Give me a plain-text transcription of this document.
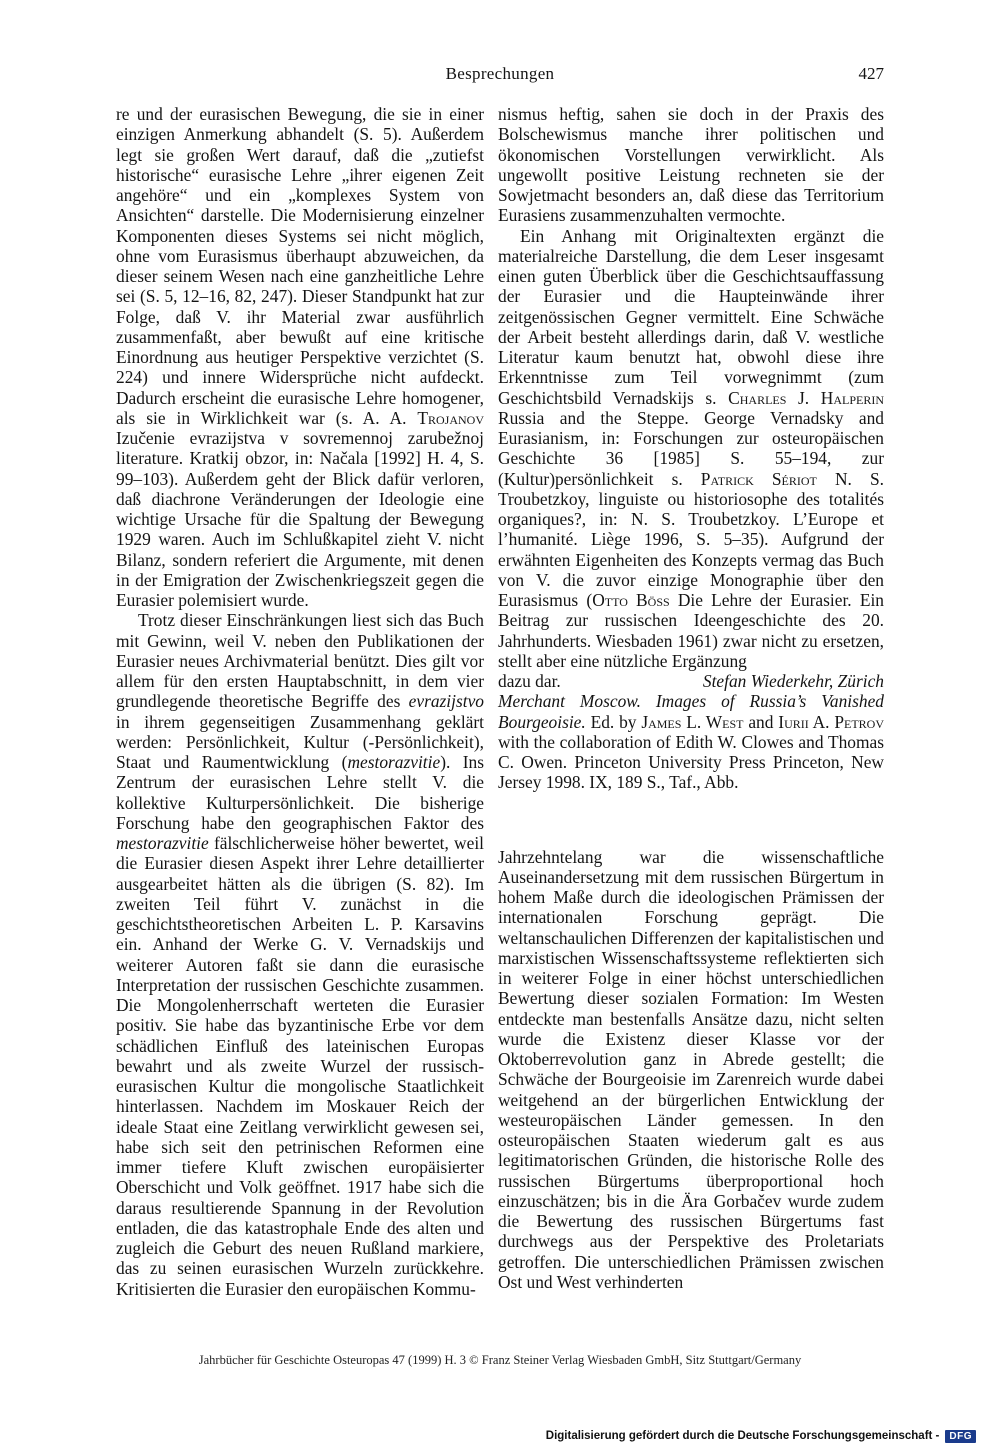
Besprechungen	427

re und der eurasischen Bewegung, die sie in einer einzigen Anmerkung abhandelt (S. 5). Außerdem legt sie großen Wert darauf, daß die „zutiefst historische“ eurasische Lehre „ihrer eigenen Zeit angehöre“ und ein „komplexes System von Ansichten“ darstelle. Die Modernisierung einzelner Komponenten dieses Systems sei nicht möglich, ohne vom Eurasismus überhaupt abzuweichen, da dieser seinem Wesen nach eine ganzheitliche Lehre sei (S. 5, 12–16, 82, 247). Dieser Standpunkt hat zur Folge, daß V. ihr Material zwar ausführlich zusammenfaßt, aber bewußt auf eine kritische Einordnung aus heutiger Perspektive verzichtet (S. 224) und innere Widersprüche nicht aufdeckt. Dadurch erscheint die eurasische Lehre homogener, als sie in Wirklichkeit war (s. A. A. Trojanov Izučenie evrazijstva v sovremennoj zarubežnoj literature. Kratkij obzor, in: Načala [1992] H. 4, S. 99–103). Außerdem geht der Blick dafür verloren, daß diachrone Veränderungen der Ideologie eine wichtige Ursache für die Spaltung der Bewegung 1929 waren. Auch im Schlußkapitel zieht V. nicht Bilanz, sondern referiert die Argumente, mit denen in der Emigration der Zwischenkriegszeit gegen die Eurasier polemisiert wurde.

Trotz dieser Einschränkungen liest sich das Buch mit Gewinn, weil V. neben den Publikationen der Eurasier neues Archivmaterial benützt. Dies gilt vor allem für den ersten Hauptabschnitt, in dem vier grundlegende theoretische Begriffe des evrazijstvo in ihrem gegenseitigen Zusammenhang geklärt werden: Persönlichkeit, Kultur (-Persönlichkeit), Staat und Raumentwicklung (mestorazvitie). Ins Zentrum der eurasischen Lehre stellt V. die kollektive Kulturpersönlichkeit. Die bisherige Forschung habe den geographischen Faktor des mestorazvitie fälschlicherweise höher bewertet, weil die Eurasier diesen Aspekt ihrer Lehre detaillierter ausgearbeitet hätten als die übrigen (S. 82). Im zweiten Teil führt V. zunächst in die geschichtstheoretischen Arbeiten L. P. Karsavins ein. Anhand der Werke G. V. Vernadskijs und weiterer Autoren faßt sie dann die eurasische Interpretation der russischen Geschichte zusammen. Die Mongolenherrschaft werteten die Eurasier positiv. Sie habe das byzantinische Erbe vor dem schädlichen Einfluß des lateinischen Europas bewahrt und als zweite Wurzel der russisch-eurasischen Kultur die mongolische Staatlichkeit hinterlassen. Nachdem im Moskauer Reich der ideale Staat eine Zeitlang verwirklicht gewesen sei, habe sich seit den petrinischen Reformen eine immer tiefere Kluft zwischen europäisierter Oberschicht und Volk geöffnet. 1917 habe sich die daraus resultierende Spannung in der Revolution entladen, die das katastrophale Ende des alten und zugleich die Geburt des neuen Rußland markiere, das zu seinen eurasischen Wurzeln zurückkehre. Kritisierten die Eurasier den europäischen Kommu-

nismus heftig, sahen sie doch in der Praxis des Bolschewismus manche ihrer politischen und ökonomischen Vorstellungen verwirklicht. Als ungewollt positive Leistung rechneten sie der Sowjetmacht besonders an, daß diese das Territorium Eurasiens zusammenzuhalten vermochte.

Ein Anhang mit Originaltexten ergänzt die materialreiche Darstellung, die dem Leser insgesamt einen guten Überblick über die Geschichtsauffassung der Eurasier und die Haupteinwände ihrer zeitgenössischen Gegner vermittelt. Eine Schwäche der Arbeit besteht allerdings darin, daß V. westliche Literatur kaum benutzt hat, obwohl diese ihre Erkenntnisse zum Teil vorwegnimmt (zum Geschichtsbild Vernadskijs s. Charles J. Halperin Russia and the Steppe. George Vernadsky and Eurasianism, in: Forschungen zur osteuropäischen Geschichte 36 [1985] S. 55–194, zur (Kultur)persönlichkeit s. Patrick Sériot N. S. Troubetzkoy, linguiste ou historiosophe des totalités organiques?, in: N. S. Troubetzkoy. L’Europe et l’humanité. Liège 1996, S. 5–35). Aufgrund der erwähnten Eigenheiten des Konzepts vermag das Buch von V. die zuvor einzige Monographie über den Eurasismus (Otto Böss Die Lehre der Eurasier. Ein Beitrag zur russischen Ideengeschichte des 20. Jahrhunderts. Wiesbaden 1961) zwar nicht zu ersetzen, stellt aber eine nützliche Ergänzung

dazu dar.	Stefan Wiederkehr, Zürich

Merchant Moscow. Images of Russia’s Vanished Bourgeoisie. Ed. by James L. West and Iurii A. Petrov with the collaboration of Edith W. Clowes and Thomas C. Owen. Princeton University Press Princeton, New Jersey 1998. IX, 189 S., Taf., Abb.

Jahrzehntelang war die wissenschaftliche Auseinandersetzung mit dem russischen Bürgertum in hohem Maße durch die ideologischen Prämissen der internationalen Forschung geprägt. Die weltanschaulichen Differenzen der kapitalistischen und marxistischen Wissenschaftssysteme reflektierten sich in weiterer Folge in einer höchst unterschiedlichen Bewertung dieser sozialen Formation: Im Westen entdeckte man bestenfalls Ansätze dazu, nicht selten wurde die Existenz dieser Klasse vor der Oktoberrevolution ganz in Abrede gestellt; die Schwäche der Bourgeoisie im Zarenreich wurde dabei weitgehend an der bürgerlichen Entwicklung der westeuropäischen Länder gemessen. In den osteuropäischen Staaten wiederum galt es aus legitimatorischen Gründen, die historische Rolle des russischen Bürgertums überproportional hoch einzuschätzen; bis in die Ära Gorbačev wurde zudem die Bewertung des russischen Bürgertums fast durchwegs aus der Perspektive des Proletariats getroffen. Die unterschiedlichen Prämissen zwischen Ost und West verhinderten

Jahrbücher für Geschichte Osteuropas 47 (1999) H. 3 © Franz Steiner Verlag Wiesbaden GmbH, Sitz Stuttgart/Germany
Digitalisierung gefördert durch die Deutsche Forschungsgemeinschaft -	DFG
